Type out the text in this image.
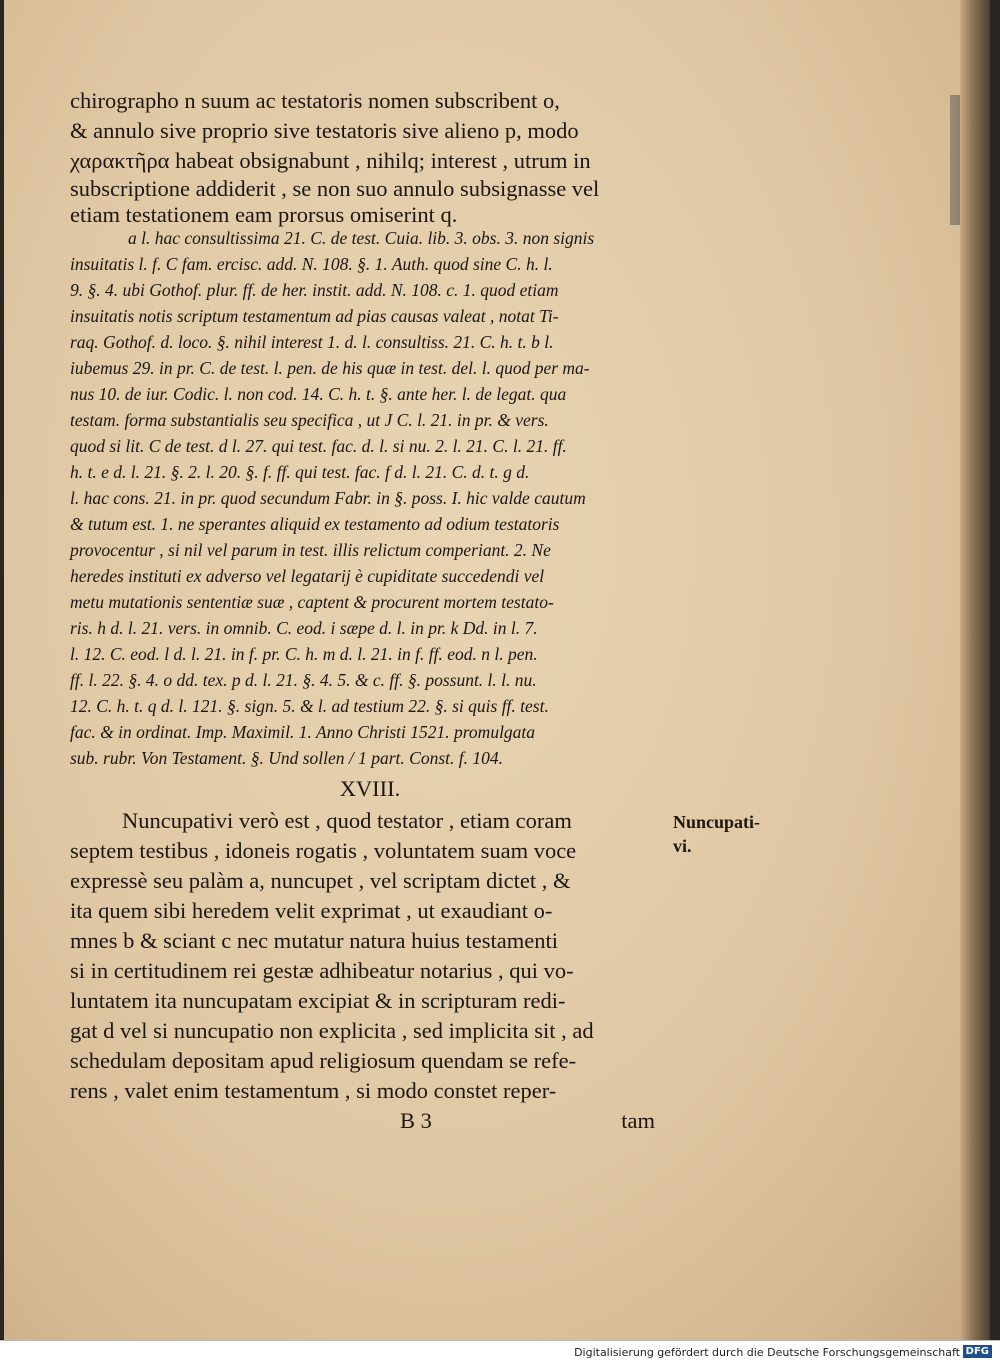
chirographo n suum ac testatoris nomen subscribent o,
& annulo sive proprio sive testatoris sive alieno p, modo
χαρακτῆρα habeat obsignabunt , nihilq; interest , utrum in
subscriptione addiderit , se non suo annulo subsignasse vel
etiam testationem eam prorsus omiserint q.
a l. hac consultissima 21. C. de test. Cuia. lib. 3. obs. 3. non signis
insuitatis l. f. C fam. ercisc. add. N. 108. §. 1. Auth. quod sine C. h. l.
9. §. 4. ubi Gothof. plur. ff. de her. instit. add. N. 108. c. 1. quod etiam
insuitatis notis scriptum testamentum ad pias causas valeat , notat Ti-
raq. Gothof. d. loco. §. nihil interest 1. d. l. consultiss. 21. C. h. t. b l.
iubemus 29. in pr. C. de test. l. pen. de his quæ in test. del. l. quod per ma-
nus 10. de iur. Codic. l. non cod. 14. C. h. t. §. ante her. l. de legat. qua
testam. forma substantialis seu specifica , ut J C. l. 21. in pr. & vers.
quod si lit. C de test. d l. 27. qui test. fac. d. l. si nu. 2. l. 21. C. l. 21. ff.
h. t. e d. l. 21. §. 2. l. 20. §. f. ff. qui test. fac. f d. l. 21. C. d. t. g d.
l. hac cons. 21. in pr. quod secundum Fabr. in §. poss. I. hic valde cautum
& tutum est. 1. ne sperantes aliquid ex testamento ad odium testatoris
provocentur , si nil vel parum in test. illis relictum comperiant. 2. Ne
heredes instituti ex adverso vel legatarij è cupiditate succedendi vel
metu mutationis sententiæ suæ , captent & procurent mortem testato-
ris. h d. l. 21. vers. in omnib. C. eod. i sæpe d. l. in pr. k Dd. in l. 7.
l. 12. C. eod. l d. l. 21. in f. pr. C. h. m d. l. 21. in f. ff. eod. n l. pen.
ff. l. 22. §. 4. o dd. tex. p d. l. 21. §. 4. 5. & c. ff. §. possunt. l. l. nu.
12. C. h. t. q d. l. 121. §. sign. 5. & l. ad testium 22. §. si quis ff. test.
fac. & in ordinat. Imp. Maximil. 1. Anno Christi 1521. promulgata
sub. rubr. Von Testament. §. Und sollen / 1 part. Const. f. 104.
XVIII.
Nuncupativi verò est , quod testator , etiam coram
septem testibus , idoneis rogatis , voluntatem suam voce
expressè seu palàm a, nuncupet , vel scriptam dictet , &
ita quem sibi heredem velit exprimat , ut exaudiant o-
mnes b & sciant c nec mutatur natura huius testamenti
si in certitudinem rei gestæ adhibeatur notarius , qui vo-
luntatem ita nuncupatam excipiat & in scripturam redi-
gat d vel si nuncupatio non explicita , sed implicita sit , ad
schedulam depositam apud religiosum quendam se refe-
rens , valet enim testamentum , si modo constet reper-
B 3	tam
Nuncupati-
vi.
Digitalisierung gefördert durch die Deutsche Forschungsgemeinschaft DFG
